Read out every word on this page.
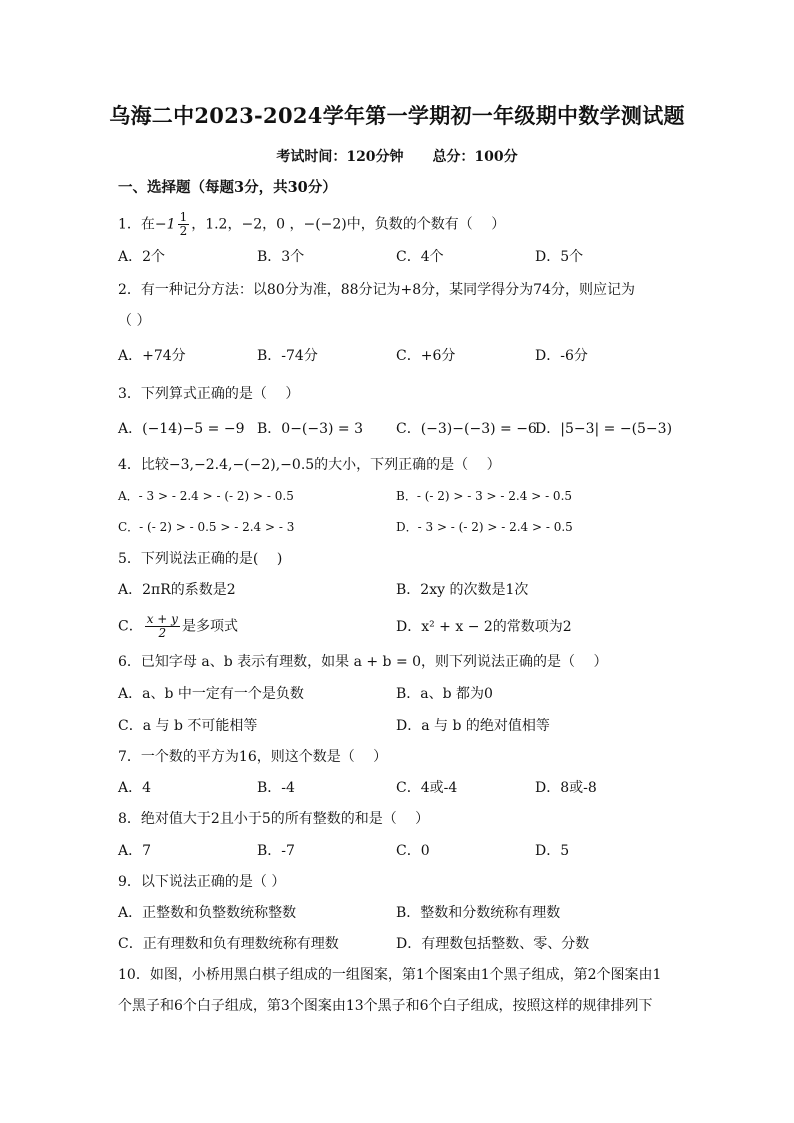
乌海二中2023-2024学年第一学期初一年级期中数学测试题
考试时间：120分钟 总分：100分
一、选择题（每题3分，共30分）
1．在$-1 \frac{1}{2}$ ，1.2，−2，0 ，−(−2)中，负数的个数有（　 ）
A．2个	B．3个	C．4个	D．5个
2．有一种记分方法：以80分为准，88分记为+8分，某同学得分为74分，则应记为
（ ）
A．+74分	B．-74分	C．+6分	D．-6分
3．下列算式正确的是（　 ）
A．(−14)−5 = −9 B．0−(−3) = 3 C．(−3)−(−3) = −6
D．|5−3| = −(5−3)
4．比较−3,−2.4,−(−2),−0.5的大小，下列正确的是（　 ）
A．- 3 > - 2.4 > - (- 2) > - 0.5	B．- (- 2) > - 3 > - 2.4 > - 0.5
C．- (- 2) > - 0.5 > - 2.4 > - 3	D．- 3 > - (- 2) > - 2.4 > - 0.5
5．下列说法正确的是(　 )
A．2πR的系数是2	B．2xy 的次数是1次
C． $\frac{x + y}{2}$ 是多项式	D．x² + x − 2的常数项为2
6．已知字母 a、b 表示有理数，如果 a + b = 0，则下列说法正确的是（　 ）
A．a、b 中一定有一个是负数	B．a、b 都为0
C．a 与 b 不可能相等	D．a 与 b 的绝对值相等
7．一个数的平方为16，则这个数是（　 ）
A．4	B．-4	C．4或-4	D．8或-8
8．绝对值大于2且小于5的所有整数的和是（　 ）
A．7	B．-7	C．0	D．5
9．以下说法正确的是（ ）
A．正整数和负整数统称整数	B．整数和分数统称有理数
C．正有理数和负有理数统称有理数	D．有理数包括整数、零、分数
10．如图，小桥用黑白棋子组成的一组图案，第1个图案由1个黑子组成，第2个图案由1
个黑子和6个白子组成，第3个图案由13个黑子和6个白子组成，按照这样的规律排列下
